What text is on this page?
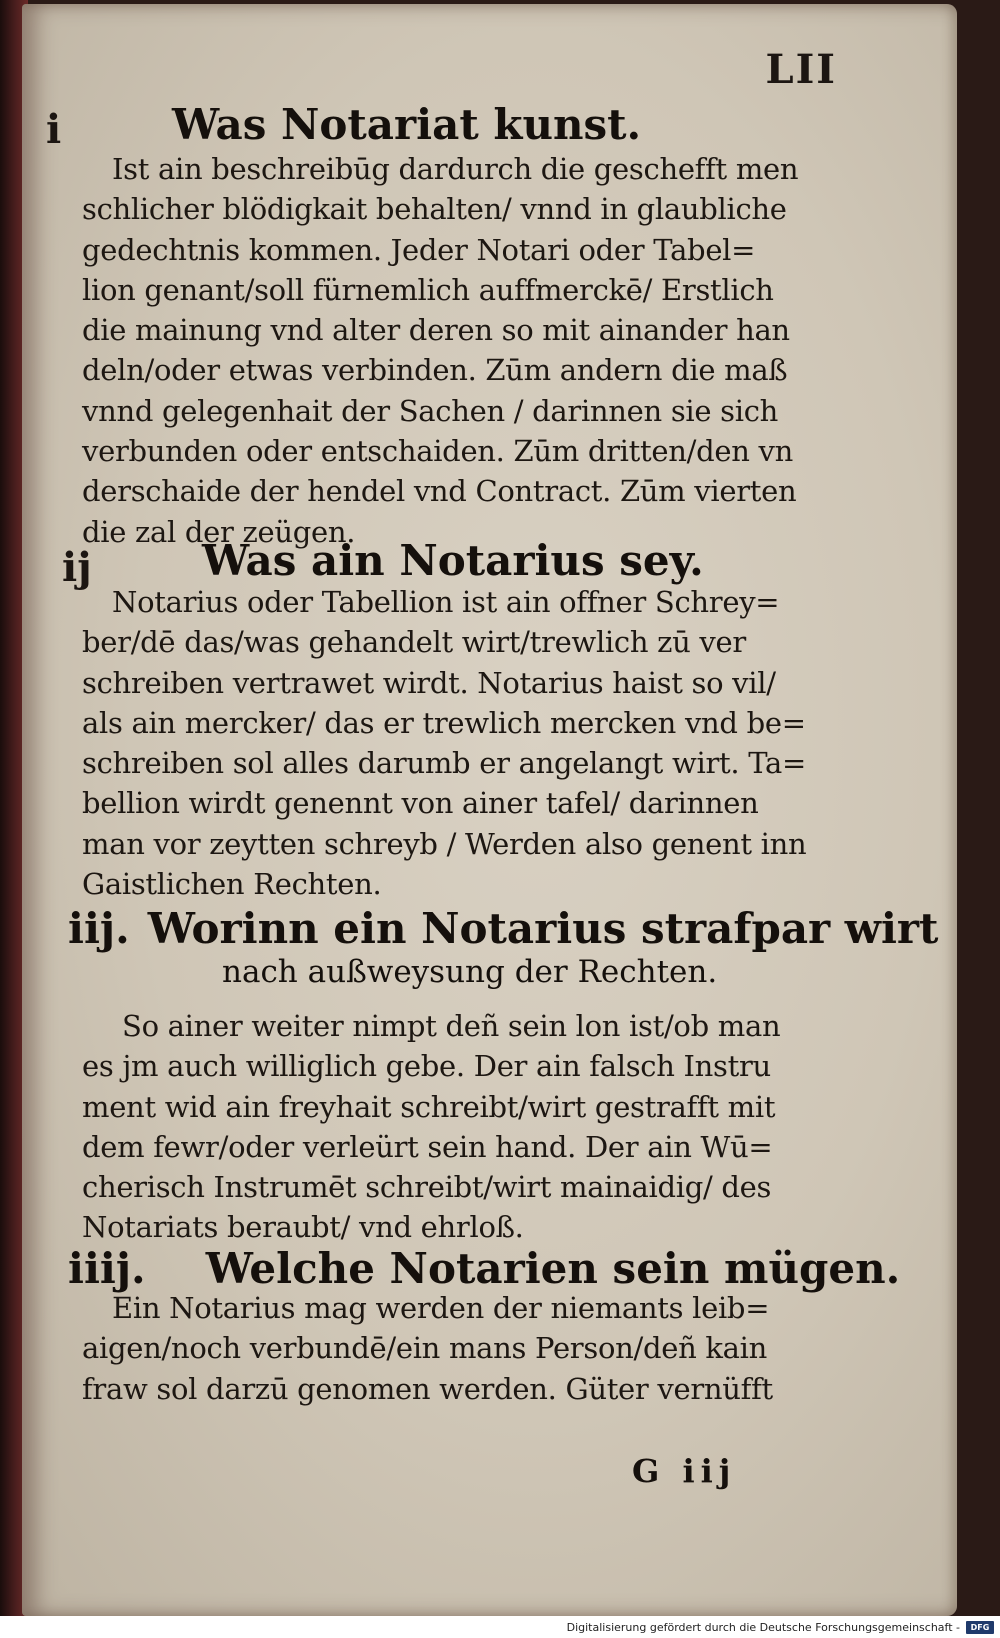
LII
i	Was Notariat kunst.
Ist ain beschreibūg dardurch die geschefft men
schlicher blödigkait behalten/ vnnd in glaubliche
gedechtnis kommen. Jeder Notari oder Tabel=
lion genant/soll fürnemlich auffmerckē/ Erstlich
die mainung vnd alter deren so mit ainander han
deln/oder etwas verbinden. Zūm andern die maß
vnnd gelegenhait der Sachen / darinnen sie sich
verbunden oder entschaiden. Zūm dritten/den vn
derschaide der hendel vnd Contract. Zūm vierten
die zal der zeügen.
ij	Was ain Notarius sey.
Notarius oder Tabellion ist ain offner Schrey=
ber/dē das/was gehandelt wirt/trewlich zū ver
schreiben vertrawet wirdt. Notarius haist so vil/
als ain mercker/ das er trewlich mercken vnd be=
schreiben sol alles darumb er angelangt wirt. Ta=
bellion wirdt genennt von ainer tafel/ darinnen
man vor zeytten schreyb / Werden also genent inn
Gaistlichen Rechten.
iij. Worinn ein Notarius strafpar wirt
nach außweysung der Rechten.
So ainer weiter nimpt deñ sein lon ist/ob man
es jm auch williglich gebe. Der ain falsch Instru
ment wid ain freyhait schreibt/wirt gestrafft mit
dem fewr/oder verleürt sein hand. Der ain Wū=
cherisch Instrumēt schreibt/wirt mainaidig/ des
Notariats beraubt/ vnd ehrloß.
iiij. Welche Notarien sein mügen.
Ein Notarius mag werden der niemants leib=
aigen/noch verbundē/ein mans Person/deñ kain
fraw sol darzū genomen werden. Güter vernüfft
G iij
Digitalisierung gefördert durch die Deutsche Forschungsgemeinschaft -	DFG
